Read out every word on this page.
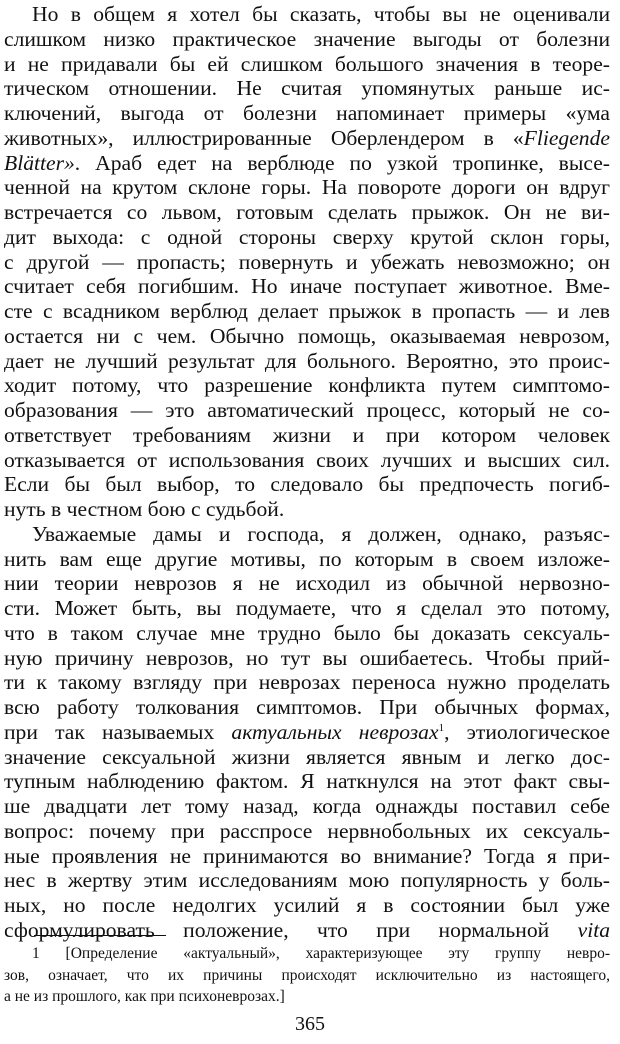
Но в общем я хотел бы сказать, чтобы вы не оценивали
слишком низко практическое значение выгоды от болезни
и не придавали бы ей слишком большого значения в теоре-
тическом отношении. Не считая упомянутых раньше ис-
ключений, выгода от болезни напоминает примеры «ума
животных», иллюстрированные Оберлендером в «Fliegende
Blätter». Араб едет на верблюде по узкой тропинке, высе-
ченной на крутом склоне горы. На повороте дороги он вдруг
встречается со львом, готовым сделать прыжок. Он не ви-
дит выхода: с одной стороны сверху крутой склон горы,
с другой — пропасть; повернуть и убежать невозможно; он
считает себя погибшим. Но иначе поступает животное. Вме-
сте с всадником верблюд делает прыжок в пропасть — и лев
остается ни с чем. Обычно помощь, оказываемая неврозом,
дает не лучший результат для больного. Вероятно, это проис-
ходит потому, что разрешение конфликта путем симптомо-
образования — это автоматический процесс, который не со-
ответствует требованиям жизни и при котором человек
отказывается от использования своих лучших и высших сил.
Если бы был выбор, то следовало бы предпочесть погиб-
нуть в честном бою с судьбой.
Уважаемые дамы и господа, я должен, однако, разъяс-
нить вам еще другие мотивы, по которым в своем изложе-
нии теории неврозов я не исходил из обычной нервозно-
сти. Может быть, вы подумаете, что я сделал это потому,
что в таком случае мне трудно было бы доказать сексуаль-
ную причину неврозов, но тут вы ошибаетесь. Чтобы прий-
ти к такому взгляду при неврозах переноса нужно проделать
всю работу толкования симптомов. При обычных формах,
при так называемых актуальных неврозах$^1$, этиологическое
значение сексуальной жизни является явным и легко дос-
тупным наблюдению фактом. Я наткнулся на этот факт свы-
ше двадцати лет тому назад, когда однажды поставил себе
вопрос: почему при расспросе нервнобольных их сексуаль-
ные проявления не принимаются во внимание? Тогда я при-
нес в жертву этим исследованиям мою популярность у боль-
ных, но после недолгих усилий я в состоянии был уже
сформулировать положение, что при нормальной vita
1 [Определение «актуальный», характеризующее эту группу невро-
зов, означает, что их причины происходят исключительно из настоящего,
а не из прошлого, как при психоневрозах.]
365
